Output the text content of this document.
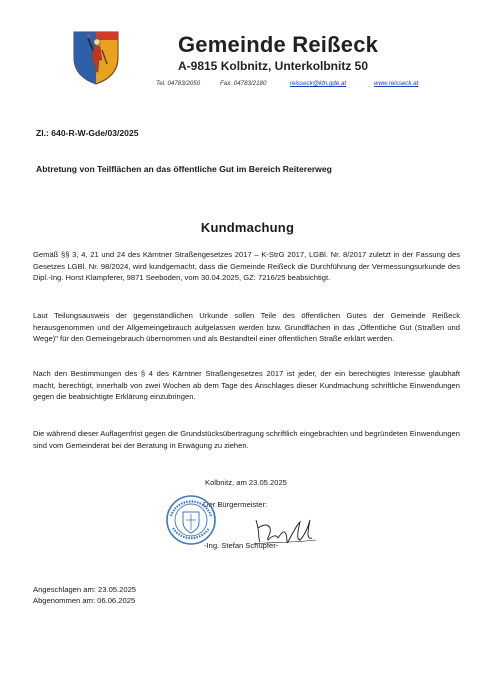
Gemeinde Reißeck
A-9815 Kolbnitz, Unterkolbnitz 50
Tel. 04783/2050	Fax. 04783/2180	reisseck@ktn.gde.at	www.reisseck.at
Zl.: 640-R-W-Gde/03/2025
Abtretung von Teilflächen an das öffentliche Gut im Bereich Reitererweg
Kundmachung

Gemäß §§ 3, 4, 21 und 24 des Kärntner Straßengesetzes 2017 – K-StrG 2017, LGBl. Nr. 8/2017 zuletzt in der Fassung des Gesetzes LGBl. Nr. 98/2024, wird kundgemacht, dass die Gemeinde Reißeck die Durchführung der Vermessungsurkunde des Dipl.-Ing. Horst Klampferer, 9871 Seeboden, vom 30.04.2025, GZ: 7216/25 beabsichtigt.

Laut Teilungsausweis der gegenständlichen Urkunde sollen Teile des öffentlichen Gutes der Gemeinde Reißeck herausgenommen und der Allgemeingebrauch aufgelassen werden bzw. Grundflächen in das „Öffentliche Gut (Straßen und Wege)" für den Gemeingebrauch übernommen und als Bestandteil einer öffentlichen Straße erklärt werden.

Nach den Bestimmungen des § 4 des Kärntner Straßengesetzes 2017 ist jeder, der ein berechtigtes Interesse glaubhaft macht, berechtigt, innerhalb von zwei Wochen ab dem Tage des Anschlages dieser Kundmachung schriftliche Einwendungen gegen die beabsichtigte Erklärung einzubringen.

Die während dieser Auflagenfrist gegen die Grundstücksübertragung schriftlich eingebrachten und begründeten Einwendungen sind vom Gemeinderat bei der Beratung in Erwägung zu ziehen.

Kolbnitz, am 23.05.2025
Der Bürgermeister:
-Ing. Stefan Schupfer-
Angeschlagen am: 23.05.2025
Abgenommen am: 06.06.2025
